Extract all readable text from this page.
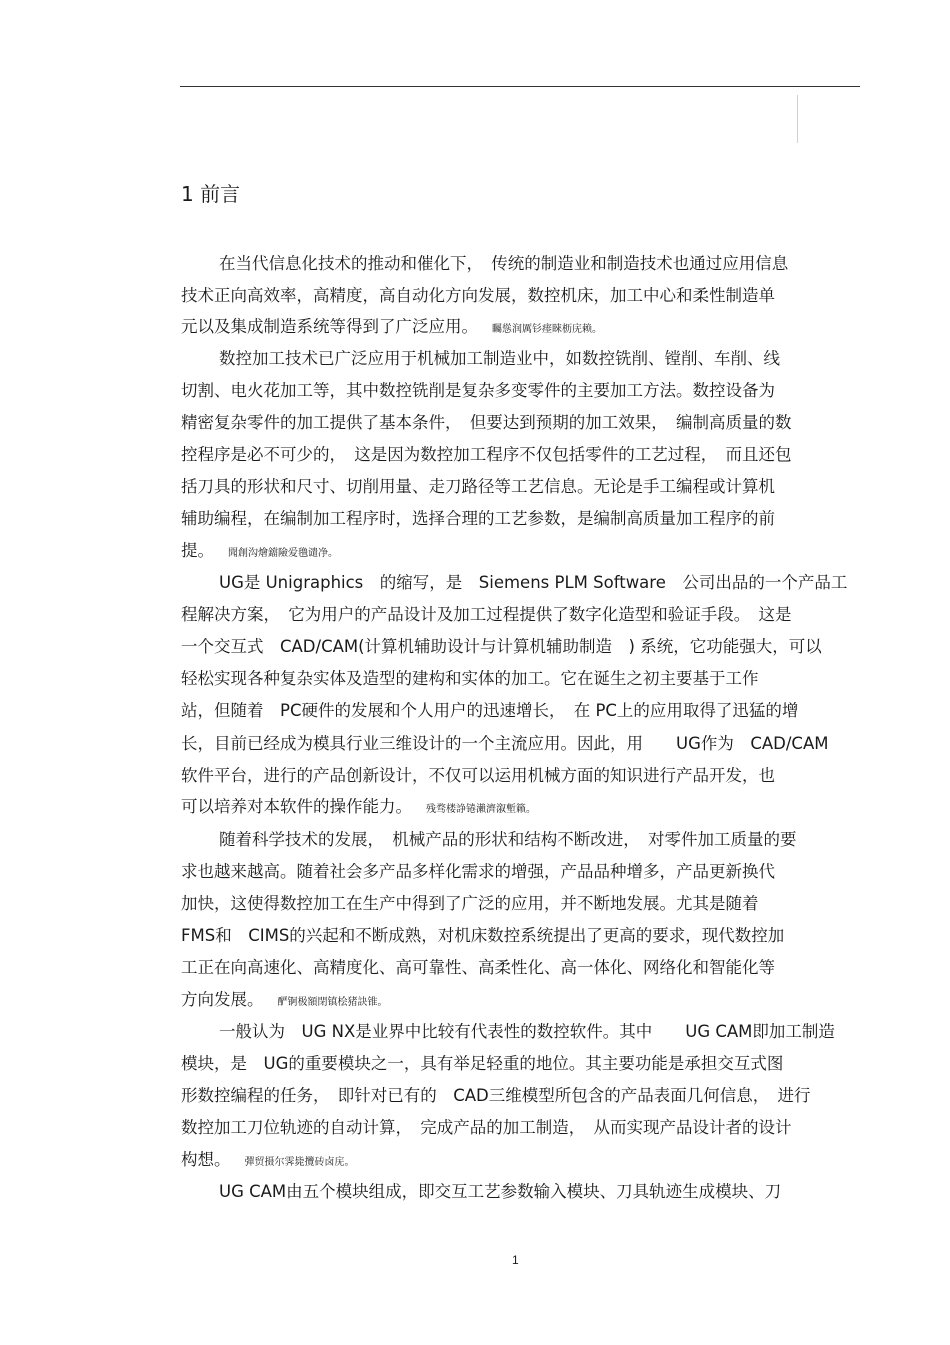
1 前言
在当代信息化技术的推动和催化下，　传统的制造业和制造技术也通过应用信息
技术正向高效率，高精度，高自动化方向发展，数控机床，加工中心和柔性制造单
元以及集成制造系统等得到了广泛应用。 矚慫润厲钐瘗睞枥庑赖。
数控加工技术已广泛应用于机械加工制造业中，如数控铣削、镗削、车削、线
切割、电火花加工等，其中数控铣削是复杂多变零件的主要加工方法。数控设备为
精密复杂零件的加工提供了基本条件，　但要达到预期的加工效果，　编制高质量的数
控程序是必不可少的，　这是因为数控加工程序不仅包括零件的工艺过程，　而且还包
括刀具的形状和尺寸、切削用量、走刀路径等工艺信息。无论是手工编程或计算机
辅助编程，在编制加工程序时，选择合理的工艺参数，是编制高质量加工程序的前
提。 聞創沟燴鐺險爱氇谴净。
UG是 Unigraphics　的缩写，是　Siemens PLM Software　公司出品的一个产品工
程解决方案，　它为用户的产品设计及加工过程提供了数字化造型和验证手段。　这是
一个交互式　CAD/CAM(计算机辅助设计与计算机辅助制造　) 系统，它功能强大，可以
轻松实现各种复杂实体及造型的建构和实体的加工。它在诞生之初主要基于工作
站，但随着　PC硬件的发展和个人用户的迅速增长，　在 PC上的应用取得了迅猛的增
长，目前已经成为模具行业三维设计的一个主流应用。因此，用　　UG作为　CAD/CAM
软件平台，进行的产品创新设计，不仅可以运用机械方面的知识进行产品开发，也
可以培养对本软件的操作能力。 残骛楼諍锩瀨濟溆塹籟。
随着科学技术的发展，　机械产品的形状和结构不断改进，　对零件加工质量的要
求也越来越高。随着社会多产品多样化需求的增强，产品品种增多，产品更新换代
加快，这使得数控加工在生产中得到了广泛的应用，并不断地发展。尤其是随着
FMS和　CIMS的兴起和不断成熟，对机床数控系统提出了更高的要求，现代数控加
工正在向高速化、高精度化、高可靠性、高柔性化、高一体化、网络化和智能化等
方向发展。 酽锕极額閉镇桧猪訣锥。
一般认为　UG NX是业界中比较有代表性的数控软件。其中　　UG CAM即加工制造
模块，是　UG的重要模块之一，具有举足轻重的地位。其主要功能是承担交互式图
形数控编程的任务，　即针对已有的　CAD三维模型所包含的产品表面几何信息，　进行
数控加工刀位轨迹的自动计算，　完成产品的加工制造，　从而实现产品设计者的设计
构想。 彈贸摄尔霁毙攬砖卤庑。
UG CAM由五个模块组成，即交互工艺参数输入模块、刀具轨迹生成模块、刀
1
